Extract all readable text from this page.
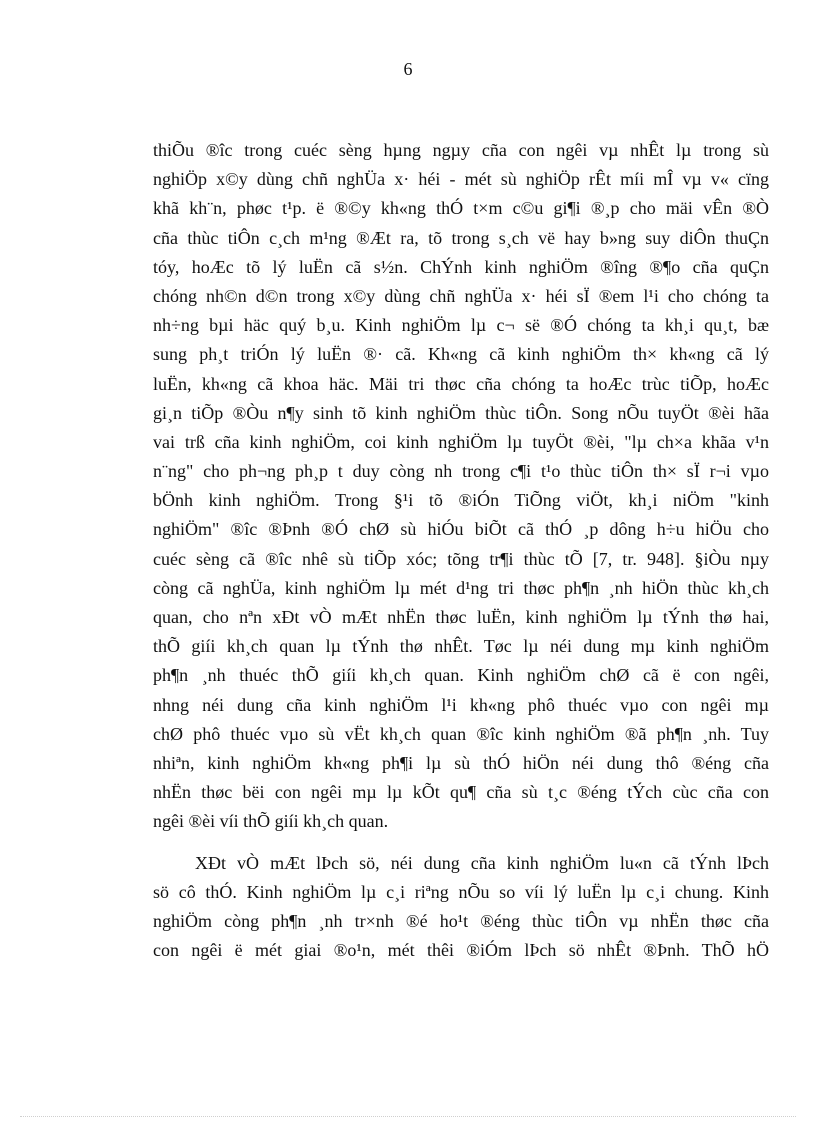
6
thiÕu ®îc trong cuéc sèng hµng ngµy cña con ngêi vµ nhÊt lµ trong sù
nghiÖp x©y dùng chñ nghÜa x· héi - mét sù nghiÖp rÊt míi mÎ vµ v« cïng
khã kh¨n, phøc t¹p. ë ®©y kh«ng thÓ t×m c©u gi¶i ®¸p cho mäi vÊn ®Ò
cña thùc tiÔn c¸ch m¹ng ®Æt ra, tõ trong s¸ch vë hay b»ng suy diÔn thuÇn
tóy, hoÆc tõ lý luËn cã s½n. ChÝnh kinh nghiÖm ®îng ®¶o cña quÇn
chóng nh©n d©n trong x©y dùng chñ nghÜa x· héi sÏ ®em l¹i cho chóng ta
nh÷ng bµi häc quý b¸u. Kinh nghiÖm lµ c¬ së ®Ó chóng ta kh¸i qu¸t, bæ
sung ph¸t triÓn lý luËn ®· cã. Kh«ng cã kinh nghiÖm th× kh«ng cã lý
luËn, kh«ng cã khoa häc. Mäi tri thøc cña chóng ta hoÆc trùc tiÕp, hoÆc
gi¸n tiÕp ®Òu n¶y sinh tõ kinh nghiÖm thùc tiÔn. Song nÕu tuyÖt ®èi hãa
vai trß cña kinh nghiÖm, coi kinh nghiÖm lµ tuyÖt ®èi, "lµ ch×a khãa v¹n
n¨ng" cho ph¬ng ph¸p t duy còng nh trong c¶i t¹o thùc tiÔn th× sÏ r¬i vµo
bÖnh kinh nghiÖm. Trong §¹i tõ ®iÓn TiÕng viÖt, kh¸i niÖm "kinh
nghiÖm" ®îc ®Þnh ®Ó chØ sù hiÓu biÕt cã thÓ ¸p dông h÷u hiÖu cho
cuéc sèng cã ®îc nhê sù tiÕp xóc; tõng tr¶i thùc tÕ [7, tr. 948]. §iÒu nµy
còng cã nghÜa, kinh nghiÖm lµ mét d¹ng tri thøc ph¶n ¸nh hiÖn thùc kh¸ch
quan, cho nªn xÐt vÒ mÆt nhËn thøc luËn, kinh nghiÖm lµ tÝnh thø hai,
thÕ giíi kh¸ch quan lµ tÝnh thø nhÊt. Tøc lµ néi dung mµ kinh nghiÖm
ph¶n ¸nh thuéc thÕ giíi kh¸ch quan. Kinh nghiÖm chØ cã ë con ngêi,
nhng néi dung cña kinh nghiÖm l¹i kh«ng phô thuéc vµo con ngêi mµ
chØ phô thuéc vµo sù vËt kh¸ch quan ®îc kinh nghiÖm ®ã ph¶n ¸nh. Tuy
nhiªn, kinh nghiÖm kh«ng ph¶i lµ sù thÓ hiÖn néi dung thô ®éng cña
nhËn thøc bëi con ngêi mµ lµ kÕt qu¶ cña sù t¸c ®éng tÝch cùc cña con
ngêi ®èi víi thÕ giíi kh¸ch quan.
XÐt vÒ mÆt lÞch sö, néi dung cña kinh nghiÖm lu«n cã tÝnh lÞch
sö cô thÓ. Kinh nghiÖm lµ c¸i riªng nÕu so víi lý luËn lµ c¸i chung. Kinh
nghiÖm còng ph¶n ¸nh tr×nh ®é ho¹t ®éng thùc tiÔn vµ nhËn thøc cña
con ngêi ë mét giai ®o¹n, mét thêi ®iÓm lÞch sö nhÊt ®Þnh. ThÕ hÖ
